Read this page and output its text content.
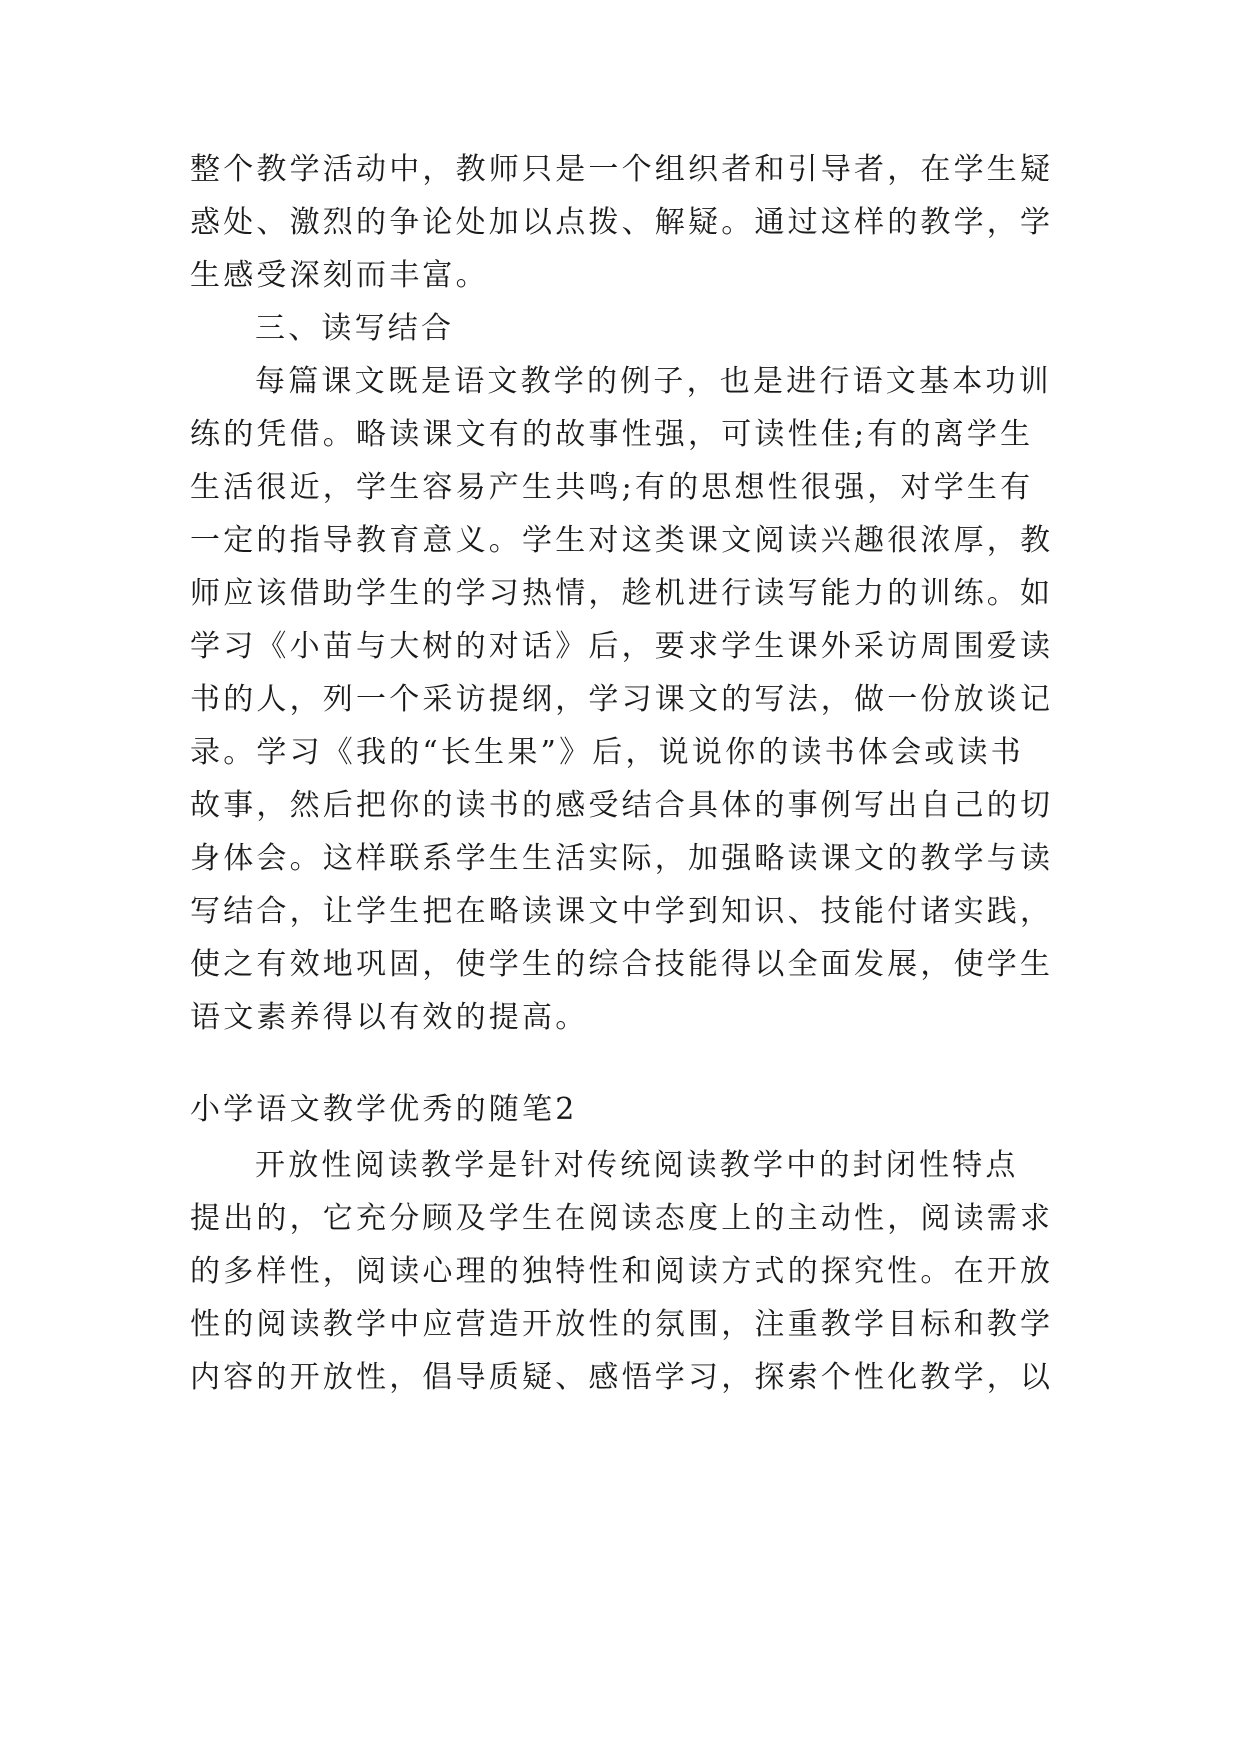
整个教学活动中，教师只是一个组织者和引导者，在学生疑
惑处、激烈的争论处加以点拨、解疑。通过这样的教学，学
生感受深刻而丰富。
三、读写结合
每篇课文既是语文教学的例子，也是进行语文基本功训
练的凭借。略读课文有的故事性强，可读性佳;有的离学生
生活很近，学生容易产生共鸣;有的思想性很强，对学生有
一定的指导教育意义。学生对这类课文阅读兴趣很浓厚，教
师应该借助学生的学习热情，趁机进行读写能力的训练。如
学习《小苗与大树的对话》后，要求学生课外采访周围爱读
书的人，列一个采访提纲，学习课文的写法，做一份放谈记
录。学习《我的“长生果”》后，说说你的读书体会或读书
故事，然后把你的读书的感受结合具体的事例写出自己的切
身体会。这样联系学生生活实际，加强略读课文的教学与读
写结合，让学生把在略读课文中学到知识、技能付诸实践，
使之有效地巩固，使学生的综合技能得以全面发展，使学生
语文素养得以有效的提高。
小学语文教学优秀的随笔2
开放性阅读教学是针对传统阅读教学中的封闭性特点
提出的，它充分顾及学生在阅读态度上的主动性，阅读需求
的多样性，阅读心理的独特性和阅读方式的探究性。在开放
性的阅读教学中应营造开放性的氛围，注重教学目标和教学
内容的开放性，倡导质疑、感悟学习，探索个性化教学，以
